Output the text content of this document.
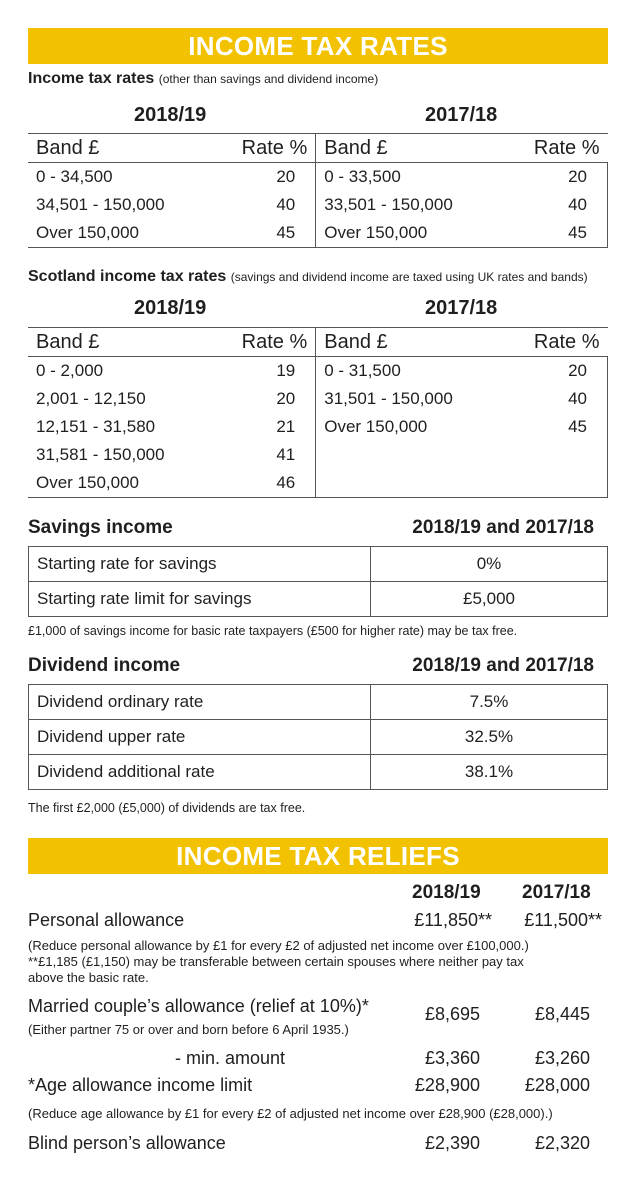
INCOME TAX RATES
Income tax rates (other than savings and dividend income)
2018/19	2017/18
Band £	Rate %	Band £	Rate %
0 - 34,500	20	0 - 33,500	20
34,501 - 150,000	40	33,501 - 150,000	40
Over 150,000	45	Over 150,000	45
Scotland income tax rates (savings and dividend income are taxed using UK rates and bands)
2018/19	2017/18
Band £	Rate %	Band £	Rate %
0 - 2,000	19	0 - 31,500	20
2,001 - 12,150	20	31,501 - 150,000	40
12,151 - 31,580	21	Over 150,000	45
31,581 - 150,000	41		
Over 150,000	46		
Savings income	2018/19 and 2017/18
Starting rate for savings	0%
Starting rate limit for savings	£5,000
£1,000 of savings income for basic rate taxpayers (£500 for higher rate) may be tax free.
Dividend income	2018/19 and 2017/18
Dividend ordinary rate	7.5%
Dividend upper rate	32.5%
Dividend additional rate	38.1%
The first £2,000 (£5,000) of dividends are tax free.
INCOME TAX RELIEFS
2018/19 2017/18
Personal allowance	£11,850**	£11,500**
(Reduce personal allowance by £1 for every £2 of adjusted net income over £100,000.)
**£1,185 (£1,150) may be transferable between certain spouses where neither pay tax
above the basic rate.
Married couple’s allowance (relief at 10%)*	£8,695	£8,445
(Either partner 75 or over and born before 6 April 1935.)
- min. amount	£3,360	£3,260
*Age allowance income limit	£28,900	£28,000
(Reduce age allowance by £1 for every £2 of adjusted net income over £28,900 (£28,000).)
Blind person’s allowance	£2,390	£2,320
